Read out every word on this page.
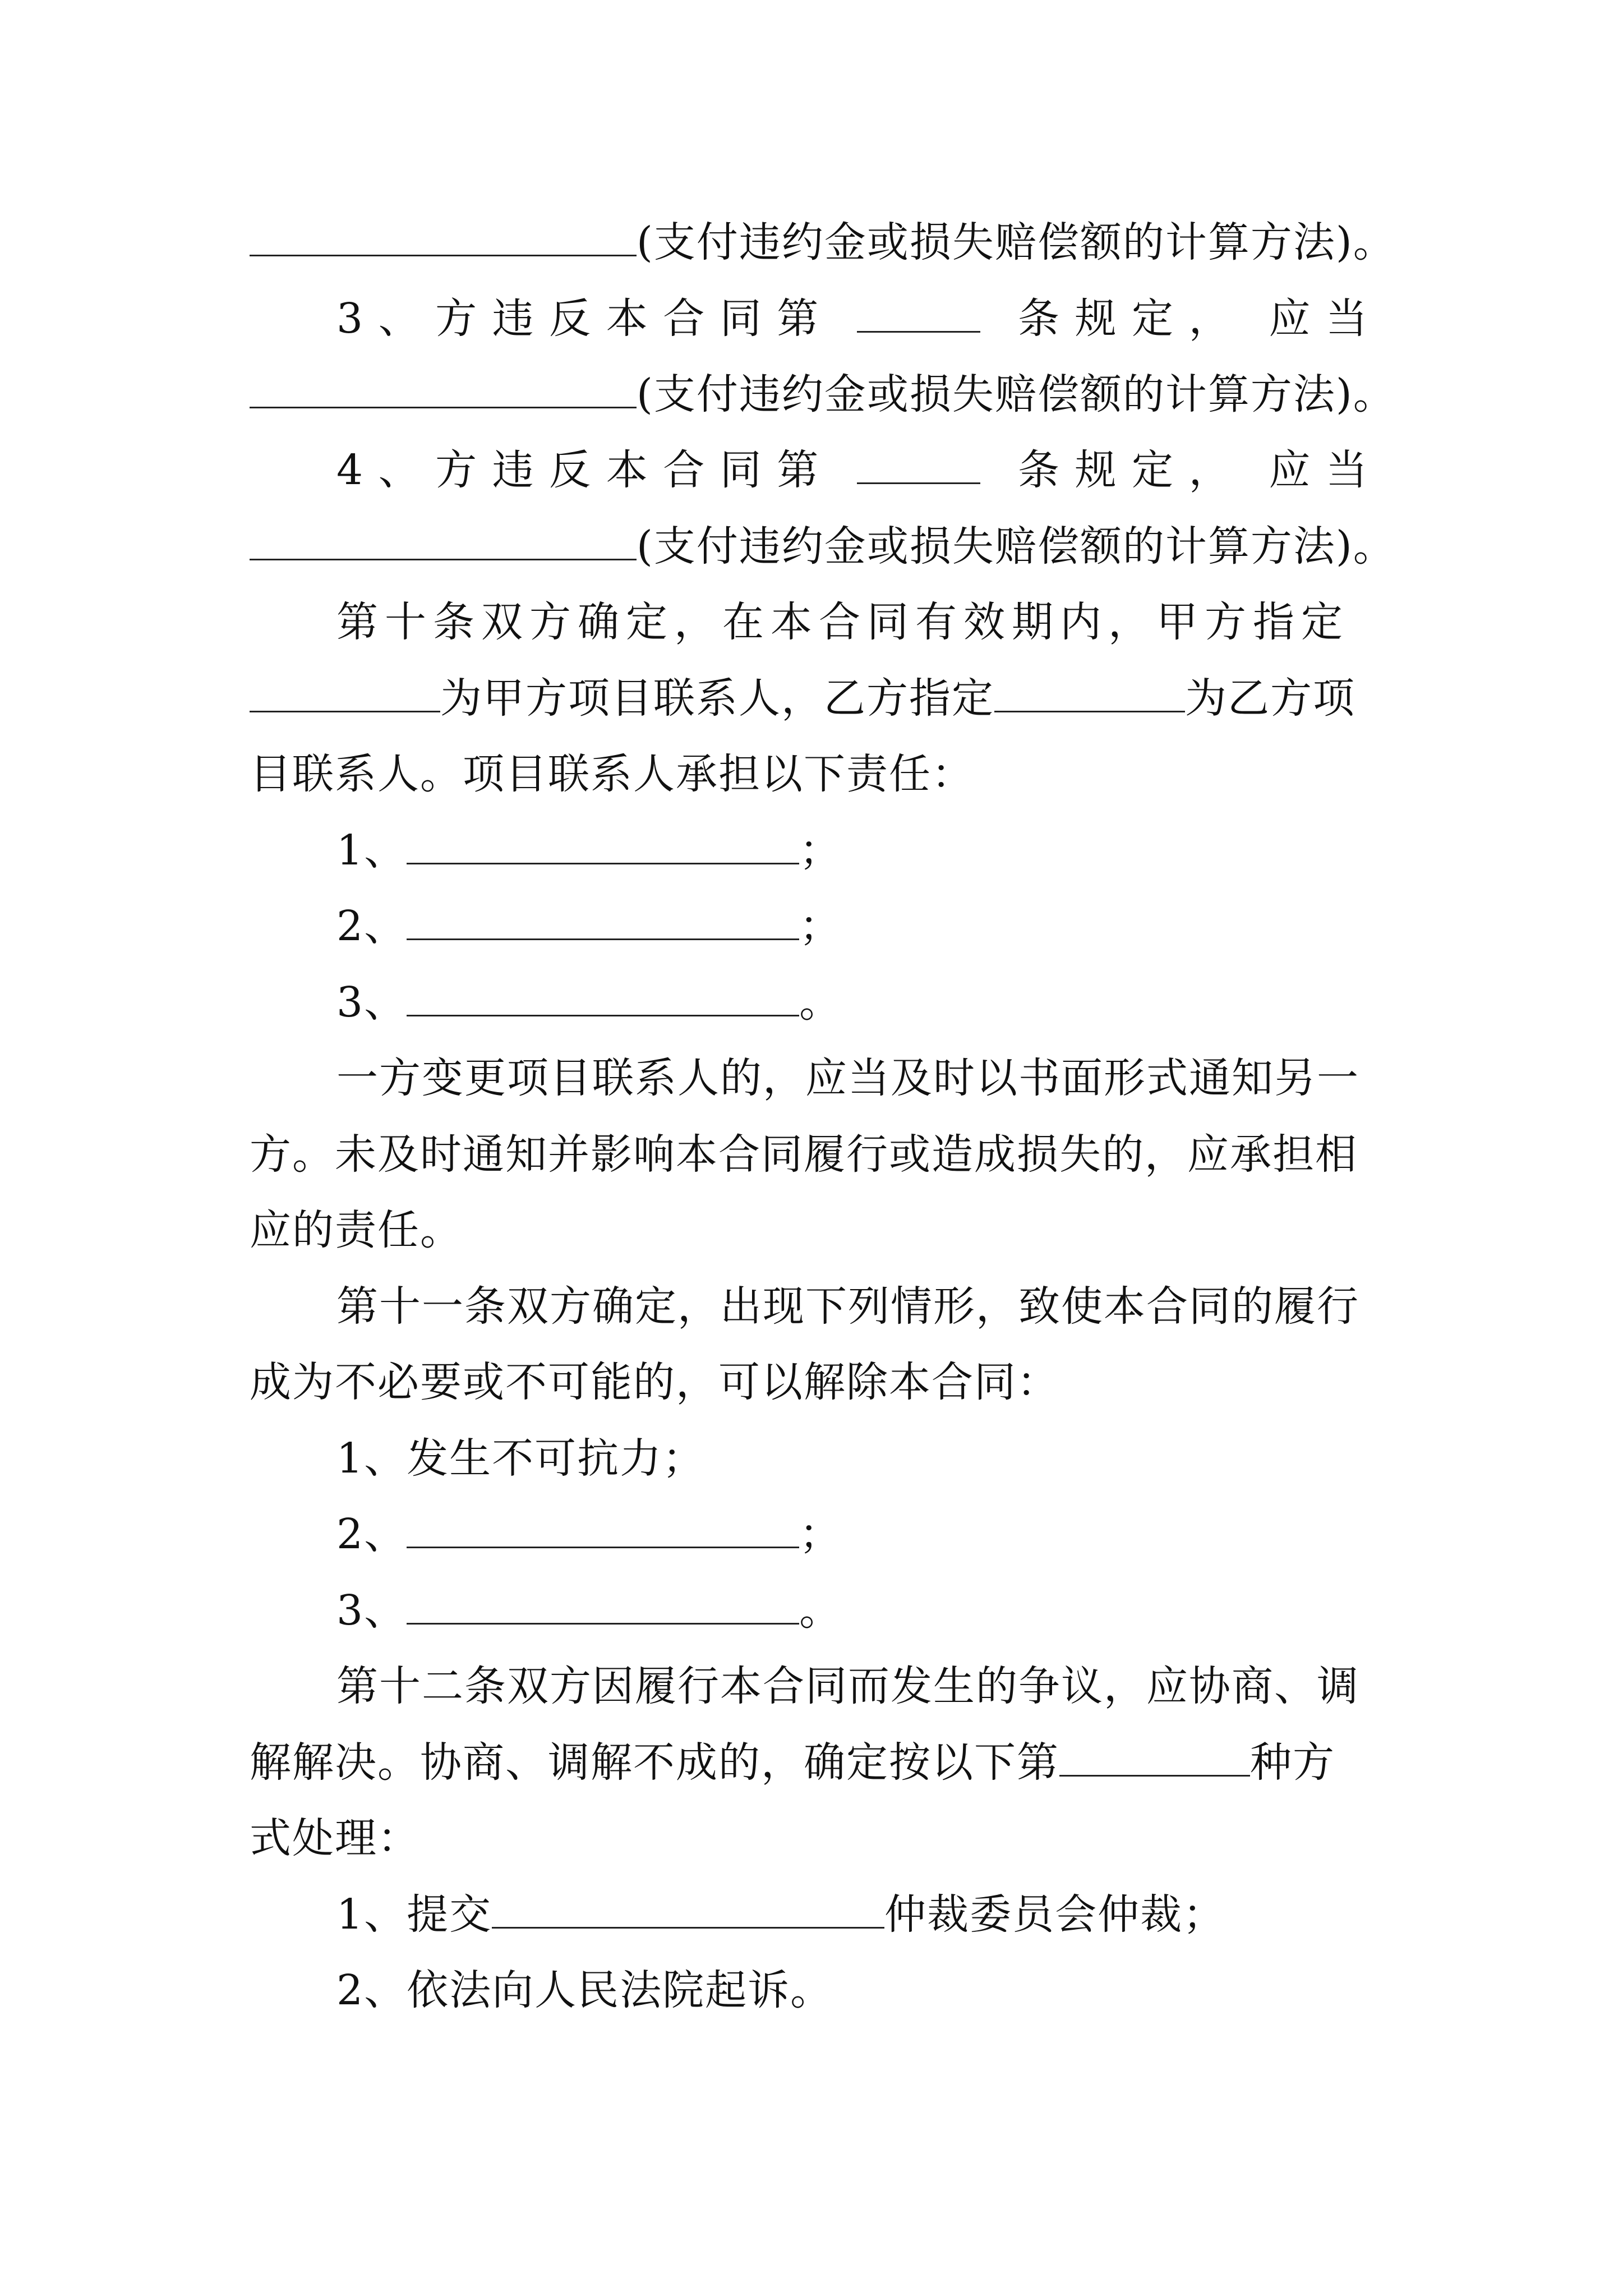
(支付违约金或损失赔偿额的计算方法)。
3 、 方 违 反 本 合 同 第	条 规 定 ， 应 当
(支付违约金或损失赔偿额的计算方法)。
4 、 方 违 反 本 合 同 第	条 规 定 ， 应 当
(支付违约金或损失赔偿额的计算方法)。
第十条双方确定，在本合同有效期内，甲方指定
为甲方项目联系人，乙方指定	为乙方项
目联系人。项目联系人承担以下责任：
1、	；
2、	；
3、	。
一方变更项目联系人的，应当及时以书面形式通知另一
方。未及时通知并影响本合同履行或造成损失的，应承担相
应的责任。
第十一条双方确定，出现下列情形，致使本合同的履行
成为不必要或不可能的，可以解除本合同：
1、发生不可抗力；
2、	；
3、	。
第十二条双方因履行本合同而发生的争议，应协商、调
解解决。协商、调解不成的，确定按以下第	种方
式处理：
1、提交	仲裁委员会仲裁；
2、依法向人民法院起诉。
